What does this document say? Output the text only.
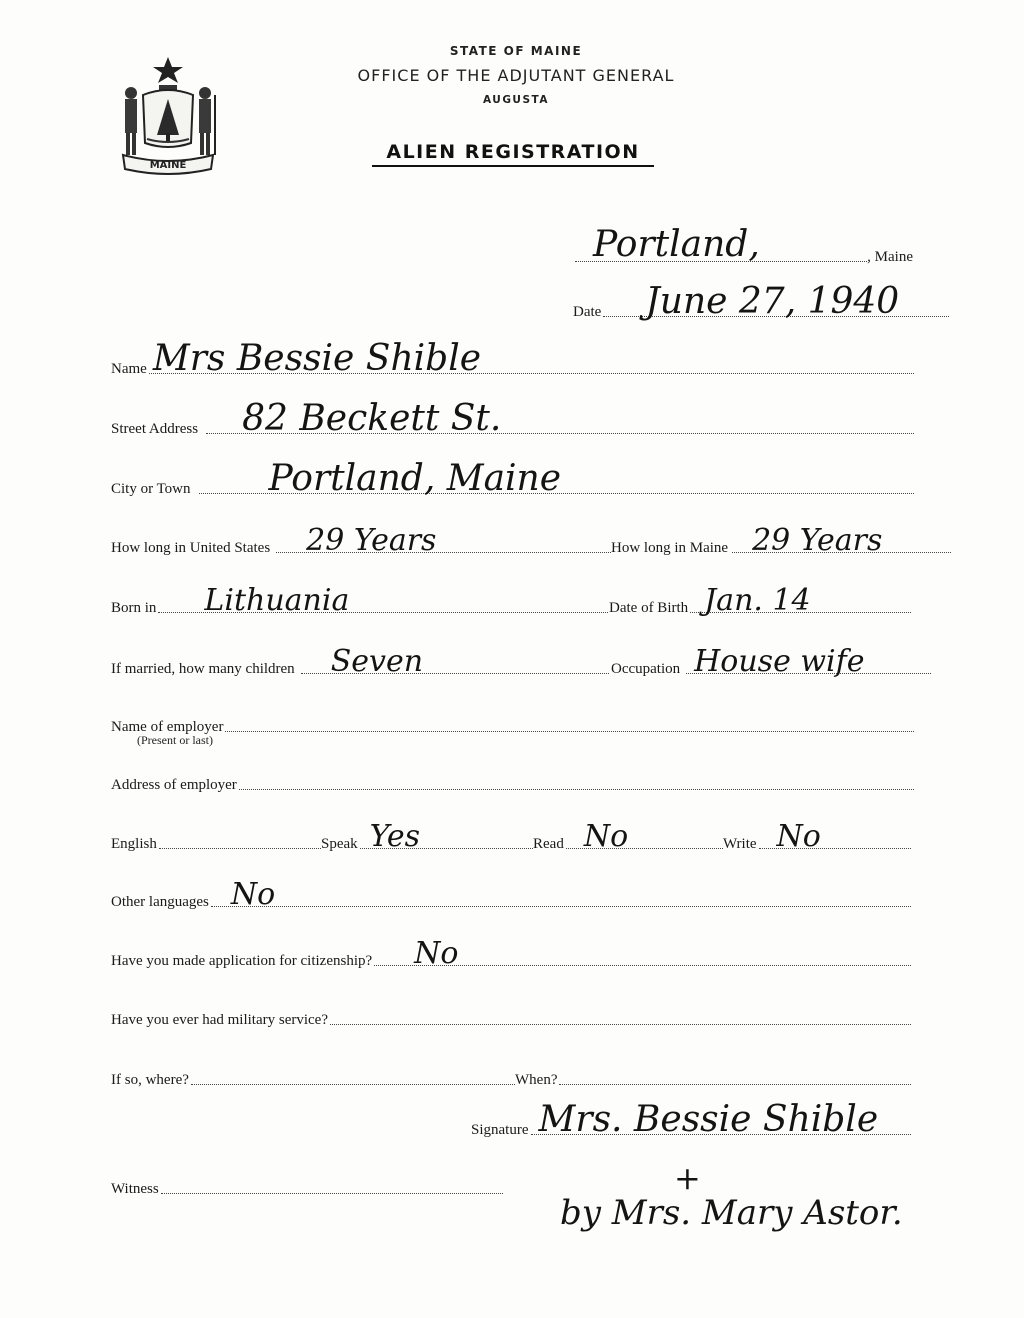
MAINE
STATE OF MAINE
OFFICE OF THE ADJUTANT GENERAL
AUGUSTA
ALIEN REGISTRATION
Portland,	, Maine
Date June 27, 1940
Name Mrs Bessie Shible
Street Address 82 Beckett St.
City or Town Portland, Maine
How long in United States 29 Years	How long in Maine 29 Years
Born in Lithuania	Date of Birth Jan. 14
If married, how many children Seven	Occupation House wife
Name of employer
(Present or last)
Address of employer
English	Speak Yes	Read No	Write No
Other languages No
Have you made application for citizenship? No
Have you ever had military service?
If so, where?	When?
Signature Mrs. Bessie Shible
+
by Mrs. Mary Astor.
Witness
